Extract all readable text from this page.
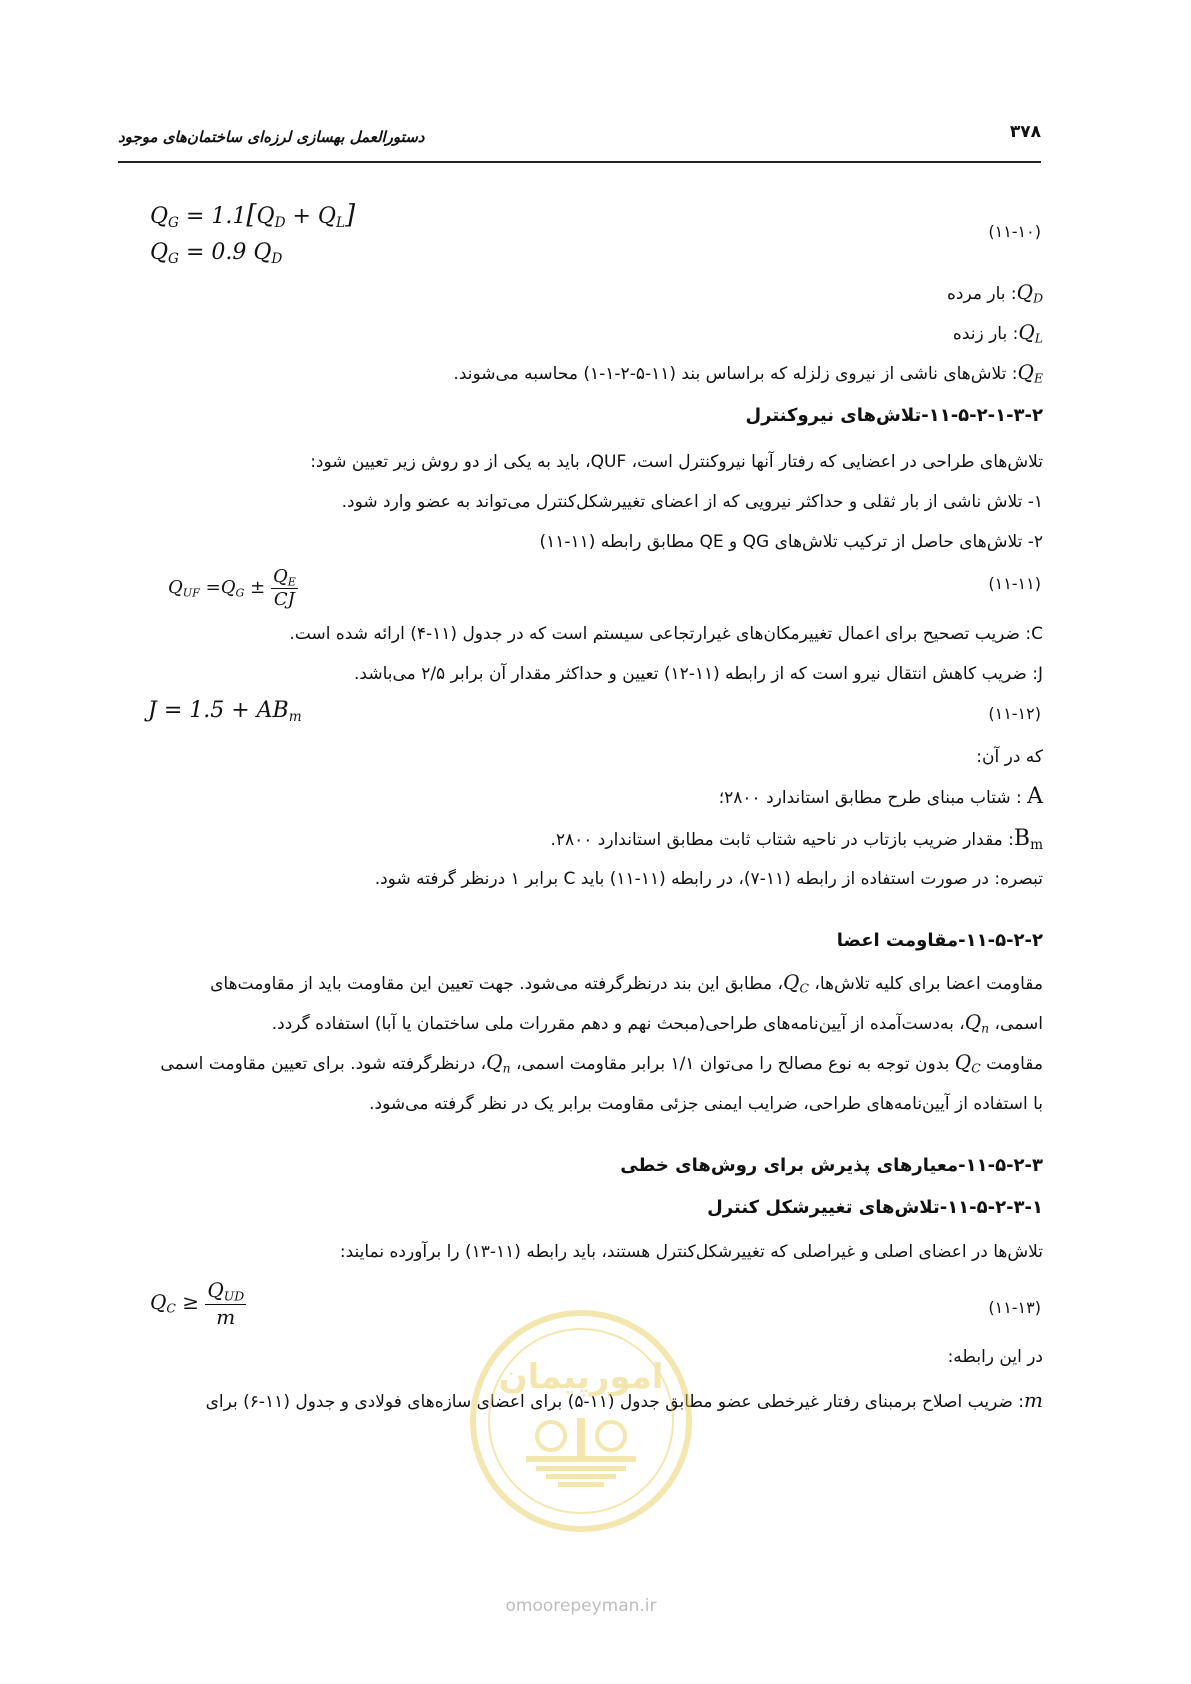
دستورالعمل بهسازی لرزه‌ای ساختمان‌های موجود	۳۷۸
$Q_G = 1.1[Q_D + Q_L]$
$Q_G = 0.9$ $Q_D$
(۱۱-۱۰)
$Q_D$: بار مرده
$Q_L$: بار زنده
$Q_E$: تلاش‌های ناشی از نیروی زلزله که براساس بند (۱۱-۵-۲-۱-۱) محاسبه می‌شوند.
۱۱-۵-۲-۱-۳-۲-تلاش‌های نیروکنترل
تلاش‌های طراحی در اعضایی که رفتار آنها نیروکنترل است، QUF، باید به یکی از دو روش زیر تعیین شود:
۱- تلاش ناشی از بار ثقلی و حداکثر نیرویی که از اعضای تغییرشکل‌کنترل می‌تواند به عضو وارد شود.
۲- تلاش‌های حاصل از ترکیب تلاش‌های QG و QE مطابق رابطه (۱۱-۱۱)
$Q_{UF} =Q_G \pm \frac{Q_E}{CJ}$	(۱۱-۱۱)
C: ضریب تصحیح برای اعمال تغییرمکان‌های غیرارتجاعی سیستم است که در جدول (۱۱-۴) ارائه شده است.
J: ضریب کاهش انتقال نیرو است که از رابطه (۱۱-۱۲) تعیین و حداکثر مقدار آن برابر ۲/۵ می‌باشد.
$J = 1.5 + AB_m$	(۱۱-۱۲)
که در آن:
A : شتاب مبنای طرح مطابق استاندارد ۲۸۰۰؛
$B_m$: مقدار ضریب بازتاب در ناحیه شتاب ثابت مطابق استاندارد ۲۸۰۰.
تبصره: در صورت استفاده از رابطه (۱۱-۷)، در رابطه (۱۱-۱۱) باید C برابر ۱ درنظر گرفته شود.
۱۱-۵-۲-۲-مقاومت اعضا
مقاومت اعضا برای کلیه تلاش‌ها، $Q_C،$ مطابق این بند درنظرگرفته می‌شود. جهت تعیین این مقاومت باید از مقاومت‌های
اسمی، $Q_n،$ به‌دست‌آمده از آیین‌نامه‌های طراحی(مبحث نهم و دهم مقررات ملی ساختمان یا آبا) استفاده گردد.
مقاومت $Q_C$ بدون توجه به نوع مصالح را می‌توان ۱/۱ برابر مقاومت اسمی، $Q_n،$ درنظرگرفته شود. برای تعیین مقاومت اسمی
با استفاده از آیین‌نامه‌های طراحی، ضرایب ایمنی جزئی مقاومت برابر یک در نظر گرفته می‌شود.
۱۱-۵-۲-۳-معیارهای پذیرش برای روش‌های خطی
۱۱-۵-۲-۳-۱-تلاش‌های تغییرشکل کنترل
تلاش‌ها در اعضای اصلی و غیراصلی که تغییرشکل‌کنترل هستند، باید رابطه (۱۱-۱۳) را برآورده نمایند:
$Q_C \ge \frac{Q_{UD}}{m}$	(۱۱-۱۳)
در این رابطه:
m: ضریب اصلاح برمبنای رفتار غیرخطی عضو مطابق جدول (۱۱-۵) برای اعضای سازه‌های فولادی و جدول (۱۱-۶) برای
امورپیمان
omoorepeyman.ir
